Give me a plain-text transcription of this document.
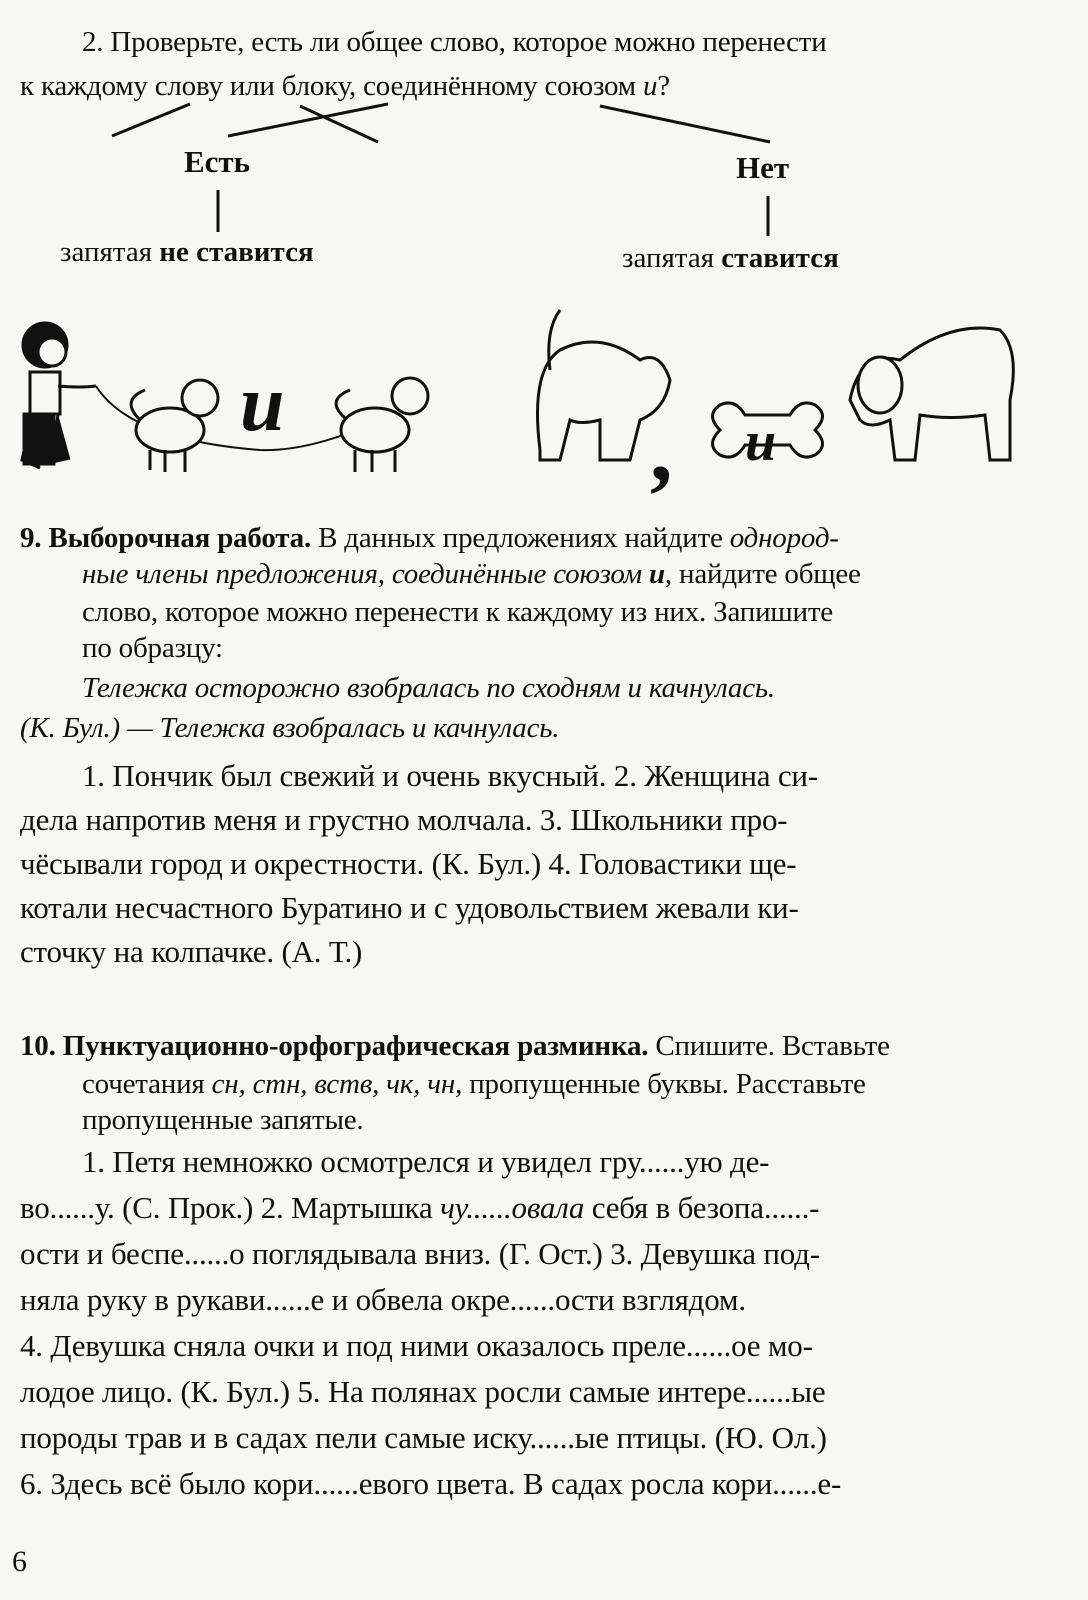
2. Проверьте, есть ли общее слово, которое можно перенести
к каждому слову или блоку, соединённому союзом и?
Есть	Нет
запятая не ставится	запятая ставится
и	, и
9. Выборочная работа. В данных предложениях найдите однород-
ные члены предложения, соединённые союзом и, найдите общее
слово, которое можно перенести к каждому из них. Запишите
по образцу:
Тележка осторожно взобралась по сходням и качнулась.
(К. Бул.) — Тележка взобралась и качнулась.
1. Пончик был свежий и очень вкусный. 2. Женщина си-
дела напротив меня и грустно молчала. 3. Школьники про-
чёсывали город и окрестности. (К. Бул.) 4. Головастики ще-
котали несчастного Буратино и с удовольствием жевали ки-
сточку на колпачке. (А. Т.)
10. Пунктуационно-орфографическая разминка. Спишите. Вставьте
сочетания сн, стн, вств, чк, чн, пропущенные буквы. Расставьте
пропущенные запятые.
1. Петя немножко осмотрелся и увидел гру......ую де-
во......у. (С. Прок.) 2. Мартышка чу......овала себя в безопа......-
ости и беспе......о поглядывала вниз. (Г. Ост.) 3. Девушка под-
няла руку в рукави......е и обвела окре......ости взглядом.
4. Девушка сняла очки и под ними оказалось преле......ое мо-
лодое лицо. (К. Бул.) 5. На полянах росли самые интере......ые
породы трав и в садах пели самые иску......ые птицы. (Ю. Ол.)
6. Здесь всё было кори......евого цвета. В садах росла кори......е-
6
